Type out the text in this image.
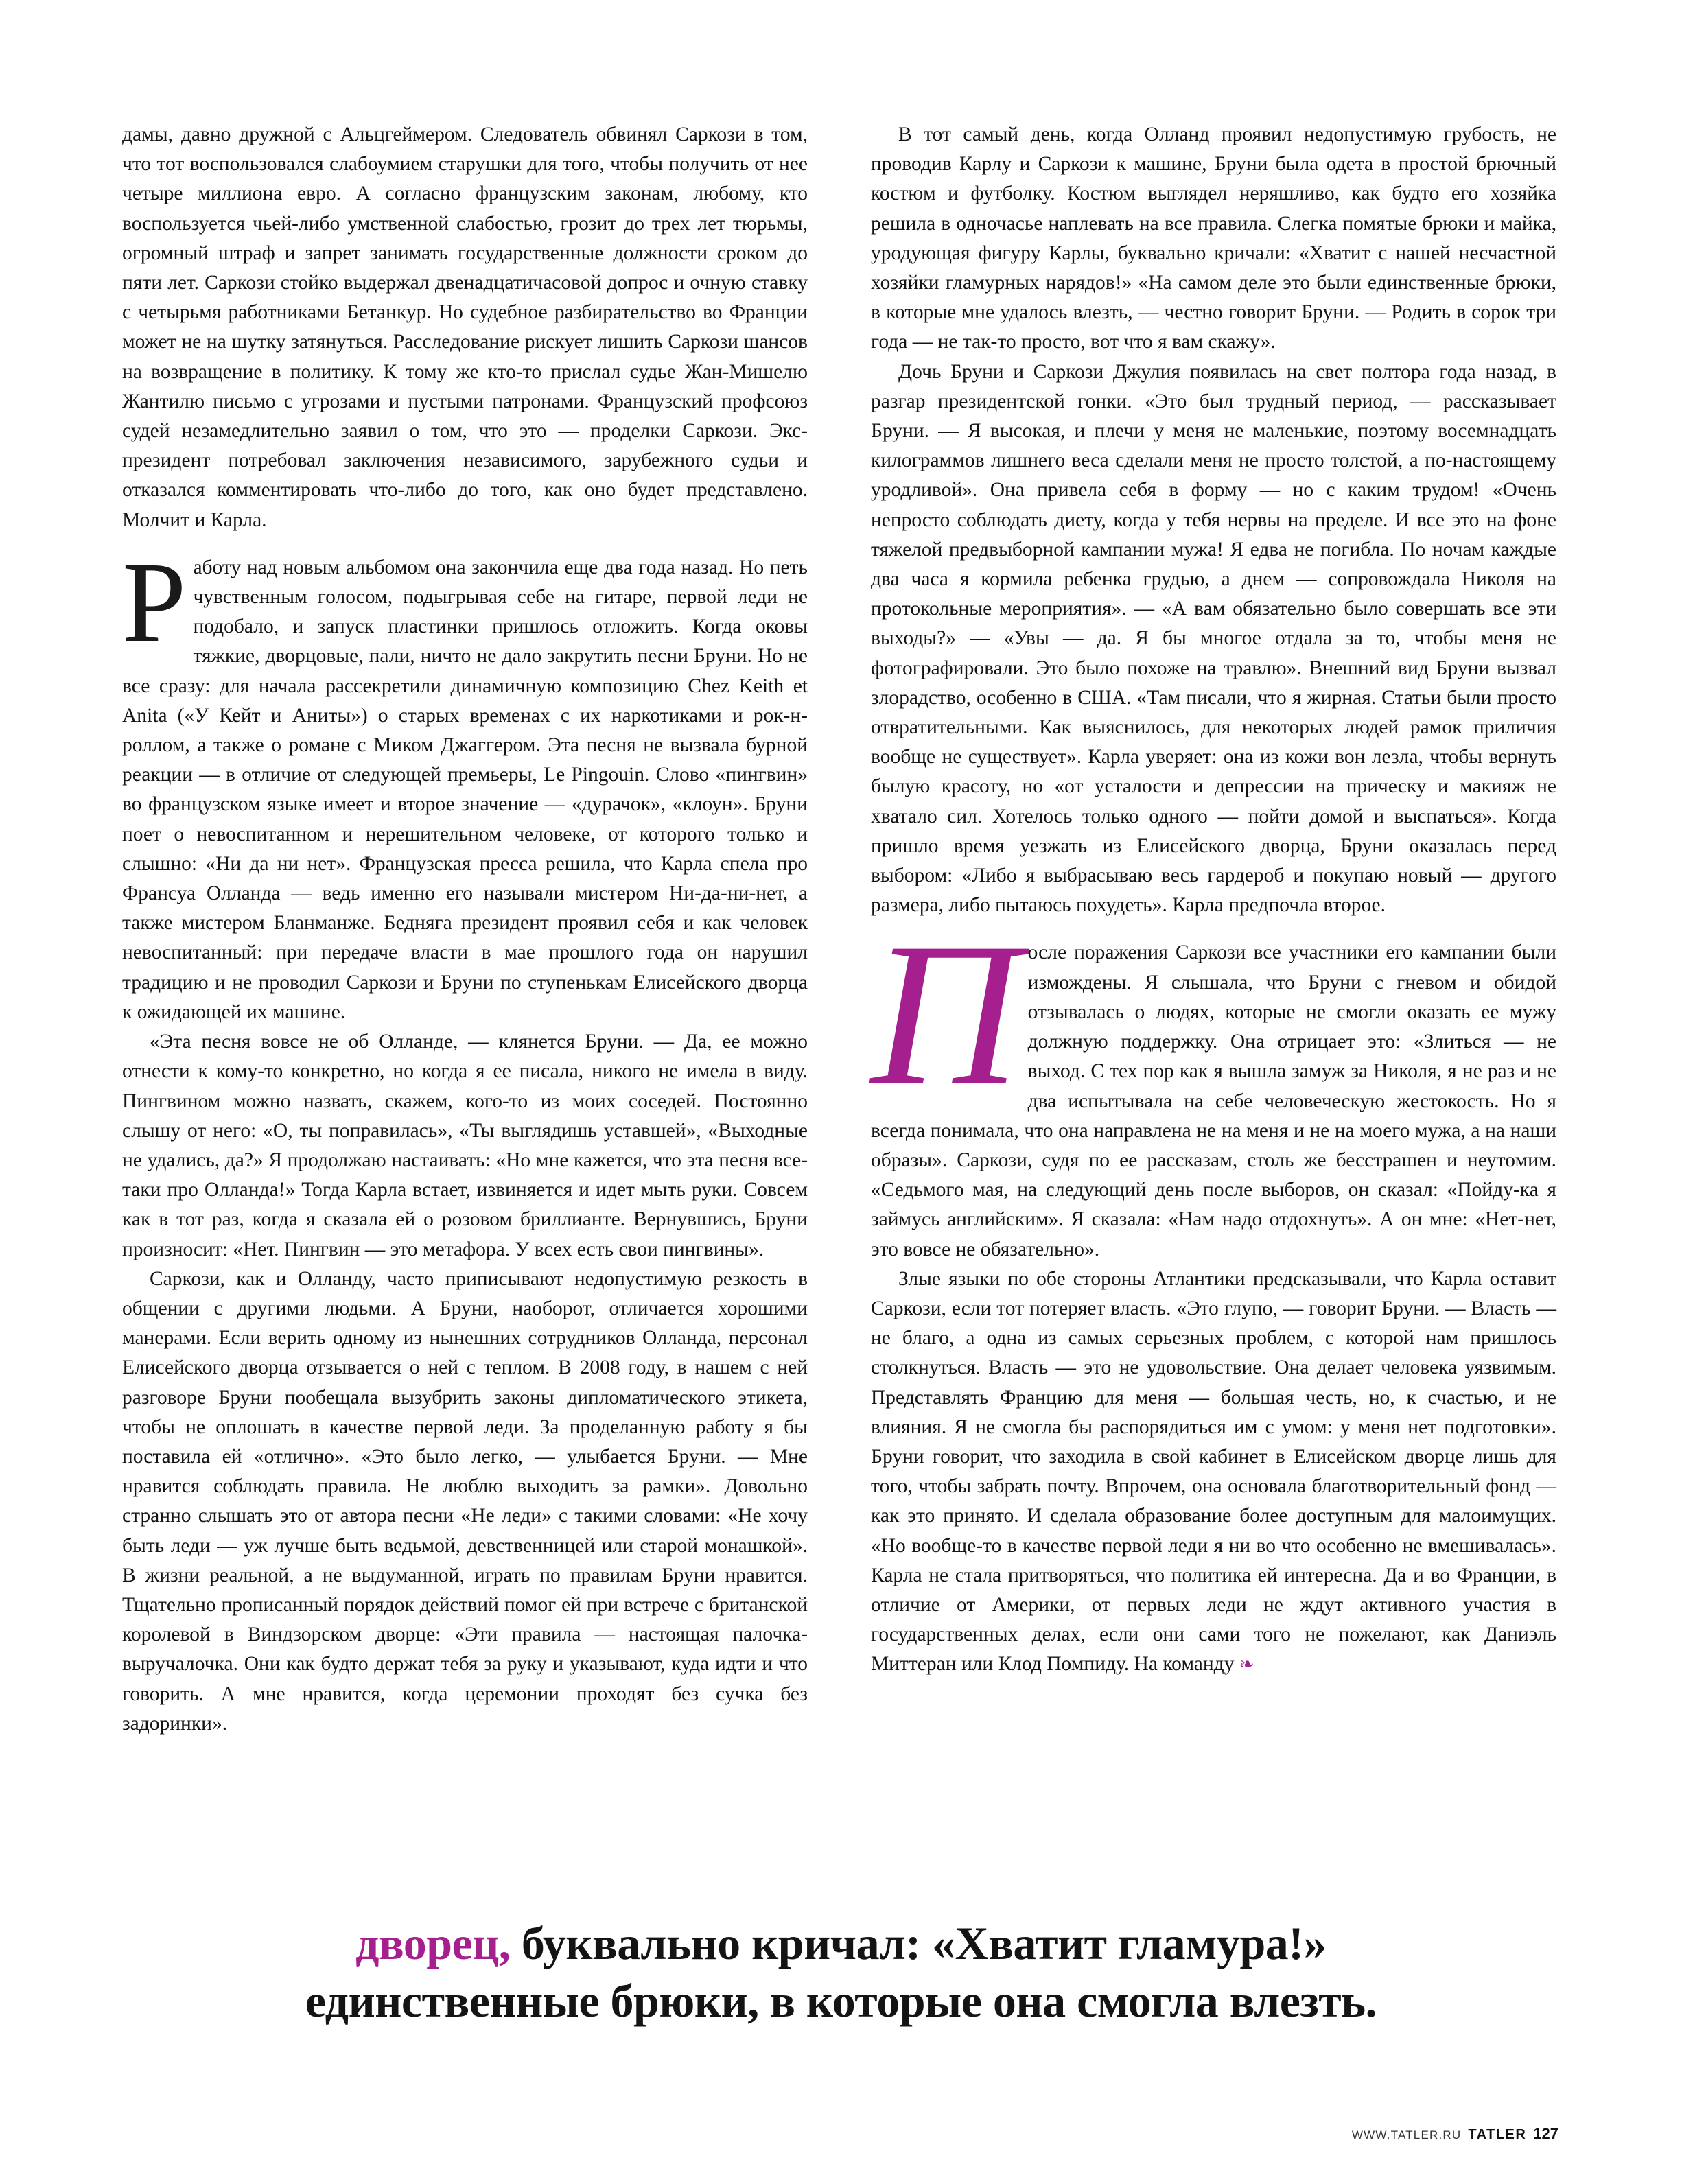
дамы, давно дружной с Альцгеймером. Следователь обвинял Саркози в том, что тот воспользовался слабоумием старушки для того, чтобы получить от нее четыре миллиона евро. А согласно французским законам, любому, кто воспользуется чьей-либо умственной слабостью, грозит до трех лет тюрьмы, огромный штраф и запрет занимать государственные должности сроком до пяти лет. Саркози стойко выдержал двенадцатичасовой допрос и очную ставку с четырьмя работниками Бетанкур. Но судебное разбирательство во Франции может не на шутку затянуться. Расследование рискует лишить Саркози шансов на возвращение в политику. К тому же кто-то прислал судье Жан-Мишелю Жантилю письмо с угрозами и пустыми патронами. Французский профсоюз судей незамедлительно заявил о том, что это — проделки Саркози. Экс-президент потребовал заключения независимого, зарубежного судьи и отказался комментировать что-либо до того, как оно будет представлено. Молчит и Карла.

Р аботу над новым альбомом она закончила еще два года назад. Но петь чувственным голосом, подыгрывая себе на гитаре, первой леди не подобало, и запуск пластинки пришлось отложить. Когда оковы тяжкие, дворцовые, пали, ничто не дало закрутить песни Бруни. Но не все сразу: для начала рассекретили динамичную композицию Chez Keith et Anita («У Кейт и Аниты») о старых временах с их наркотиками и рок-н-роллом, а также о романе с Миком Джаггером. Эта песня не вызвала бурной реакции — в отличие от следующей премьеры, Le Pingouin. Слово «пингвин» во французском языке имеет и второе значение — «дурачок», «клоун». Бруни поет о невоспитанном и нерешительном человеке, от которого только и слышно: «Ни да ни нет». Французская пресса решила, что Карла спела про Франсуа Олланда — ведь именно его называли мистером Ни-да-ни-нет, а также мистером Бланманже. Бедняга президент проявил себя и как человек невоспитанный: при передаче власти в мае прошлого года он нарушил традицию и не проводил Саркози и Бруни по ступенькам Елисейского дворца к ожидающей их машине.

«Эта песня вовсе не об Олланде, — клянется Бруни. — Да, ее можно отнести к кому-то конкретно, но когда я ее писала, никого не имела в виду. Пингвином можно назвать, скажем, кого-то из моих соседей. Постоянно слышу от него: «О, ты поправилась», «Ты выглядишь уставшей», «Выходные не удались, да?» Я продолжаю настаивать: «Но мне кажется, что эта песня все-таки про Олланда!» Тогда Карла встает, извиняется и идет мыть руки. Совсем как в тот раз, когда я сказала ей о розовом бриллианте. Вернувшись, Бруни произносит: «Нет. Пингвин — это метафора. У всех есть свои пингвины».

Саркози, как и Олланду, часто приписывают недопустимую резкость в общении с другими людьми. А Бруни, наоборот, отличается хорошими манерами. Если верить одному из нынешних сотрудников Олланда, персонал Елисейского дворца отзывается о ней с теплом. В 2008 году, в нашем с ней разговоре Бруни пообещала вызубрить законы дипломатического этикета, чтобы не оплошать в качестве первой леди. За проделанную работу я бы поставила ей «отлично». «Это было легко, — улыбается Бруни. — Мне нравится соблюдать правила. Не люблю выходить за рамки». Довольно странно слышать это от автора песни «Не леди» с такими словами: «Не хочу быть леди — уж лучше быть ведьмой, девственницей или старой монашкой». В жизни реальной, а не выдуманной, играть по правилам Бруни нравится. Тщательно прописанный порядок действий помог ей при встрече с британской королевой в Виндзорском дворце: «Эти правила — настоящая палочка-выручалочка. Они как будто держат тебя за руку и указывают, куда идти и что говорить. А мне нравится, когда церемонии проходят без сучка без задоринки».

В тот самый день, когда Олланд проявил недопустимую грубость, не проводив Карлу и Саркози к машине, Бруни была одета в простой брючный костюм и футболку. Костюм выглядел неряшливо, как будто его хозяйка решила в одночасье наплевать на все правила. Слегка помятые брюки и майка, уродующая фигуру Карлы, буквально кричали: «Хватит с нашей несчастной хозяйки гламурных нарядов!» «На самом деле это были единственные брюки, в которые мне удалось влезть, — честно говорит Бруни. — Родить в сорок три года — не так-то просто, вот что я вам скажу».

Дочь Бруни и Саркози Джулия появилась на свет полтора года назад, в разгар президентской гонки. «Это был трудный период, — рассказывает Бруни. — Я высокая, и плечи у меня не маленькие, поэтому восемнадцать килограммов лишнего веса сделали меня не просто толстой, а по-настоящему уродливой». Она привела себя в форму — но с каким трудом! «Очень непросто соблюдать диету, когда у тебя нервы на пределе. И все это на фоне тяжелой предвыборной кампании мужа! Я едва не погибла. По ночам каждые два часа я кормила ребенка грудью, а днем — сопровождала Николя на протокольные мероприятия». — «А вам обязательно было совершать все эти выходы?» — «Увы — да. Я бы многое отдала за то, чтобы меня не фотографировали. Это было похоже на травлю». Внешний вид Бруни вызвал злорадство, особенно в США. «Там писали, что я жирная. Статьи были просто отвратительными. Как выяснилось, для некоторых людей рамок приличия вообще не существует». Карла уверяет: она из кожи вон лезла, чтобы вернуть былую красоту, но «от усталости и депрессии на прическу и макияж не хватало сил. Хотелось только одного — пойти домой и выспаться». Когда пришло время уезжать из Елисейского дворца, Бруни оказалась перед выбором: «Либо я выбрасываю весь гардероб и покупаю новый — другого размера, либо пытаюсь похудеть». Карла предпочла второе.

П осле поражения Саркози все участники его кампании были измождены. Я слышала, что Бруни с гневом и обидой отзывалась о людях, которые не смогли оказать ее мужу должную поддержку. Она отрицает это: «Злиться — не выход. С тех пор как я вышла замуж за Николя, я не раз и не два испытывала на себе человеческую жестокость. Но я всегда понимала, что она направлена не на меня и не на моего мужа, а на наши образы». Саркози, судя по ее рассказам, столь же бесстрашен и неутомим. «Седьмого мая, на следующий день после выборов, он сказал: «Пойду-ка я займусь английским». Я сказала: «Нам надо отдохнуть». А он мне: «Нет-нет, это вовсе не обязательно».

Злые языки по обе стороны Атлантики предсказывали, что Карла оставит Саркози, если тот потеряет власть. «Это глупо, — говорит Бруни. — Власть — не благо, а одна из самых серьезных проблем, с которой нам пришлось столкнуться. Власть — это не удовольствие. Она делает человека уязвимым. Представлять Францию для меня — большая честь, но, к счастью, и не влияния. Я не смогла бы распорядиться им с умом: у меня нет подготовки». Бруни говорит, что заходила в свой кабинет в Елисейском дворце лишь для того, чтобы забрать почту. Впрочем, она основала благотворительный фонд — как это принято. И сделала образование более доступным для малоимущих. «Но вообще-то в качестве первой леди я ни во что особенно не вмешивалась». Карла не стала притворяться, что политика ей интересна. Да и во Франции, в отличие от Америки, от первых леди не ждут активного участия в государственных делах, если они сами того не пожелают, как Даниэль Миттеран или Клод Помпиду. На команду ❧

дворец, буквально кричал: «Хватит гламура!»
единственные брюки, в которые она смогла влезть.
WWW.TATLER.RU TATLER 127
